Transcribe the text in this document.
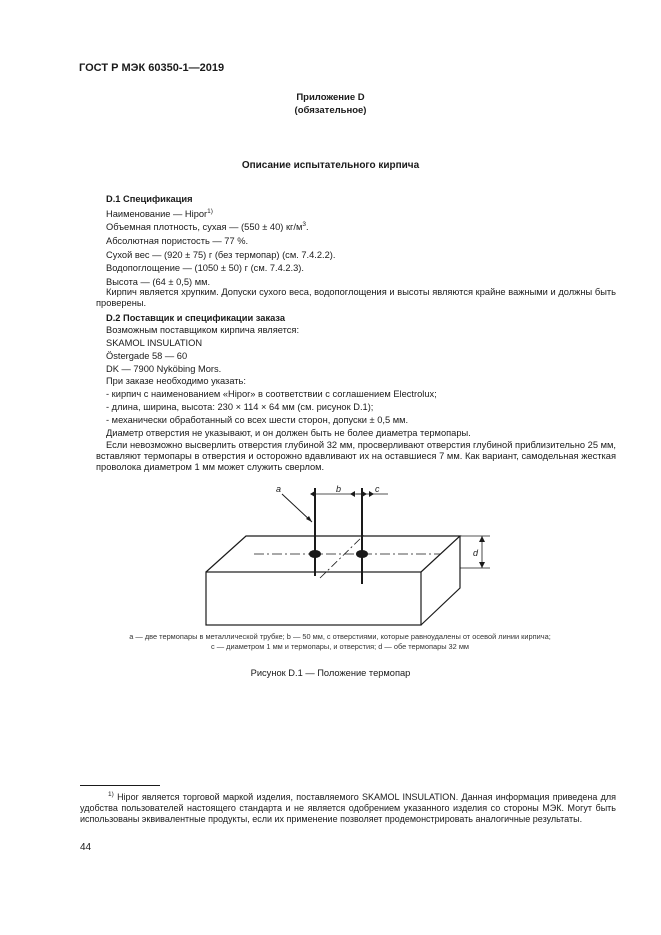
ГОСТ Р МЭК 60350-1—2019
Приложение D
(обязательное)
Описание испытательного кирпича
D.1 Спецификация
Наименование — Hipor$^{1)}$
Объемная плотность, сухая — (550 ± 40) $кг/м^3$.
Абсолютная пористость — 77 %.
Сухой вес — (920 ± 75) г (без термопар) (см. 7.4.2.2).
Водопоглощение — (1050 ± 50) г (см. 7.4.2.3).
Высота — (64 ± 0,5) мм.
Кирпич является хрупким. Допуски сухого веса, водопоглощения и высоты являются крайне важными и должны быть проверены.
D.2 Поставщик и спецификации заказа
Возможным поставщиком кирпича является:
SKAMOL INSULATION
Östergade 58 — 60
DK — 7900 Nyköbing Mors.
При заказе необходимо указать:
- кирпич с наименованием «Hipor» в соответствии с соглашением Electrolux;
- длина, ширина, высота: 230 × 114 × 64 мм (см. рисунок D.1);
- механически обработанный со всех шести сторон, допуски ± 0,5 мм.
Диаметр отверстия не указывают, и он должен быть не более диаметра термопары.
Если невозможно высверлить отверстия глубиной 32 мм, просверливают отверстия глубиной приблизительно 25 мм, вставляют термопары в отверстия и осторожно вдавливают их на оставшиеся 7 мм. Как вариант, самодельная жесткая проволока диаметром 1 мм может служить сверлом.
a	b	c
d
a — две термопары в металлической трубке; b — 50 мм, с отверстиями, которые равноудалены от осевой линии кирпича;
c — диаметром 1 мм и термопары, и отверстия; d — обе термопары 32 мм
Рисунок D.1 — Положение термопар
$^{1)}$ Hipor является торговой маркой изделия, поставляемого SKAMOL INSULATION. Данная информация приведена для удобства пользователей настоящего стандарта и не является одобрением указанного изделия со стороны МЭК. Могут быть использованы эквивалентные продукты, если их применение позволяет продемонстрировать аналогичные результаты.
44
